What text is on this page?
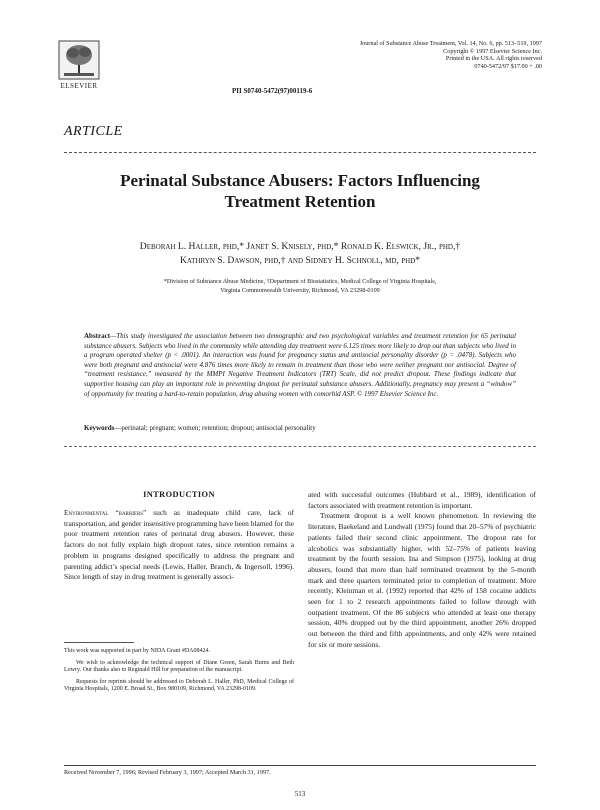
ELSEVIER
Journal of Substance Abuse Treatment, Vol. 14, No. 6, pp. 513–519, 1997
Copyright © 1997 Elsevier Science Inc.
Printed in the USA. All rights reserved
0740-5472/97 $17.00 + .00
PII S0740-5472(97)00119-6
ARTICLE
Perinatal Substance Abusers: Factors Influencing
Treatment Retention
Deborah L. Haller, phd,* Janet S. Knisely, phd,* Ronald K. Elswick, Jr., phd,†
Kathryn S. Dawson, phd,† and Sidney H. Schnoll, md, phd*
*Division of Substance Abuse Medicine, †Department of Biostatistics, Medical College of Virginia Hospitals,
Virginia Commonwealth University, Richmond, VA 23298-0109
Abstract—This study investigated the association between two demographic and two psychological variables and treatment retention for 65 perinatal substance abusers. Subjects who lived in the community while attending day treatment were 6.125 times more likely to drop out than subjects who lived in a program operated shelter (p < .0001). An interaction was found for pregnancy status and antisocial personality disorder (p = .0478). Subjects who were both pregnant and antisocial were 4.876 times more likely to remain in treatment than those who were neither pregnant nor antisocial. Degree of “treatment resistance,” measured by the MMPI Negative Treatment Indicators (TRT) Scale, did not predict dropout. These findings indicate that supportive housing can play an important role in preventing dropout for perinatal substance abusers. Additionally, pregnancy may present a “window” of opportunity for treating a hard-to-retain population, drug abusing women with comorbid ASP. © 1997 Elsevier Science Inc.
Keywords—perinatal; pregnant; women; retention; dropout; antisocial personality
INTRODUCTION

Environmental “barriers” such as inadequate child care, lack of transportation, and gender insensitive programming have been blamed for the poor treatment retention rates of perinatal drug abusers. However, these factors do not fully explain high dropout rates, since retention remains a problem in programs designed specifically to address the pregnant and parenting addict’s special needs (Lewis, Haller, Branch, & Ingersoll, 1996). Since length of stay in drug treatment is generally associ-

ated with successful outcomes (Hubbard et al., 1989), identification of factors associated with treatment retention is important.

Treatment dropout is a well known phenomenon. In reviewing the literature, Baekeland and Lundwall (1975) found that 20–57% of psychiatric patients failed their second clinic appointment. The dropout rate for alcoholics was substantially higher, with 52–75% of patients leaving treatment by the fourth session. Ina and Simpson (1975), looking at drug abusers, found that more than half terminated treatment by the 5-month mark and three quarters terminated prior to completion of treatment. More recently, Kleinman et al. (1992) reported that 42% of 158 cocaine addicts seen for 1 to 2 research appointments failed to follow through with outpatient treatment. Of the 86 subjects who attended at least one therapy session, 40% dropped out by the third appointment, another 26% dropped out between the third and fifth appointments, and only 42% were retained for six or more sessions.

This work was supported in part by NIDA Grant #DA08424.

We wish to acknowledge the technical support of Diane Green, Sarah Burns and Beth Lowry. Our thanks also to Reginald Hill for preparation of the manuscript.

Requests for reprints should be addressed to Deborah L. Haller, PhD, Medical College of Virginia Hospitals, 1200 E. Broad St., Box 980109, Richmond, VA 23298-0109.

Received November 7, 1996; Revised February 3, 1997; Accepted March 31, 1997.
513
